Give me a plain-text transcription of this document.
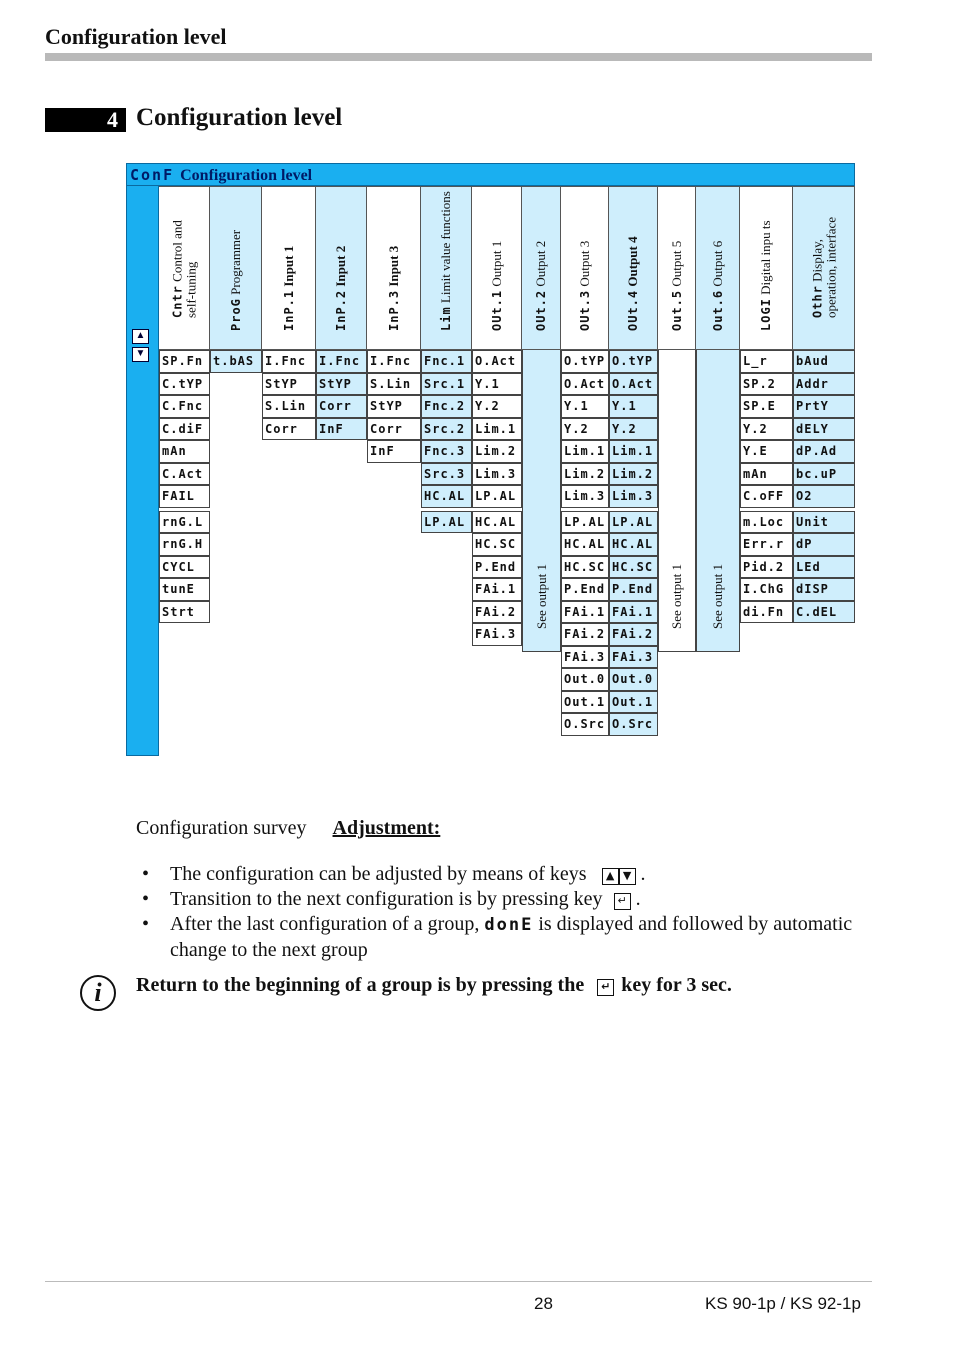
Configuration level
4 Configuration level
ConF Configuration level
▲
▼
Cntr Control and
self-tuning
SP.Fn
C.tYP
C.Fnc
C.diF
mAn
C.Act
FAIL
rnG.L
rnG.H
CYCL
tunE
Strt
ProG Programmer
t.bAS
InP.1 Input 1
I.Fnc
StYP
S.Lin
Corr
InP.2 Input 2
I.Fnc
StYP
Corr
InF
InP.3 Input 3
I.Fnc
S.Lin
StYP
Corr
InF
Lim Limit value functions
Fnc.1
Src.1
Fnc.2
Src.2
Fnc.3
Src.3
HC.AL
LP.AL
OUt.1 Output 1
O.Act
Y.1
Y.2
Lim.1
Lim.2
Lim.3
LP.AL
HC.AL
HC.SC
P.End
FAi.1
FAi.2
FAi.3
OUt.2 Output 2
See output 1
OUt.3 Output 3
O.tYP
O.Act
Y.1
Y.2
Lim.1
Lim.2
Lim.3
LP.AL
HC.AL
HC.SC
P.End
FAi.1
FAi.2
FAi.3
Out.0
Out.1
O.Src
OUt.4 Output 4
O.tYP
O.Act
Y.1
Y.2
Lim.1
Lim.2
Lim.3
LP.AL
HC.AL
HC.SC
P.End
FAi.1
FAi.2
FAi.3
Out.0
Out.1
O.Src
Out.5 Output 5
See output 1
Out.6 Output 6
See output 1
LOGI Digital inpu ts
L_r
SP.2
SP.E
Y.2
Y.E
mAn
C.oFF
m.Loc
Err.r
Pid.2
I.ChG
di.Fn
Othr Display, operation, interface
bAud
Addr
PrtY
dELY
dP.Ad
bc.uP
O2
Unit
dP
LEd
dISP
C.dEL
Configuration survey Adjustment:
• The configuration can be adjusted by means of keys ▲ ▼ .
• Transition to the next configuration is by pressing key ↵ .
• After the last configuration of a group, donE is displayed and followed by automatic change to the next group
i	Return to the beginning of a group is by pressing the ↵ key for 3 sec.
28	KS 90-1p / KS 92-1p
